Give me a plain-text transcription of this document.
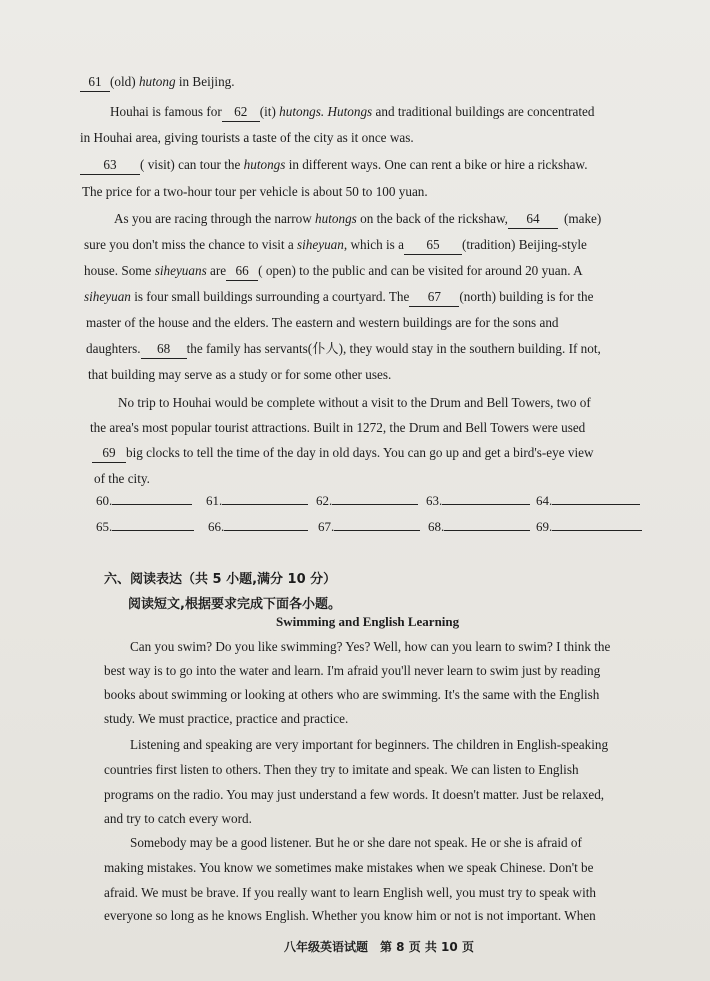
61 (old) hutong in Beijing.
Houhai is famous for 62 (it) hutongs. Hutongs and traditional buildings are concentrated
in Houhai area, giving tourists a taste of the city as it once was.
63 ( visit) can tour the hutongs in different ways. One can rent a bike or hire a rickshaw.
The price for a two-hour tour per vehicle is about 50 to 100 yuan.
As you are racing through the narrow hutongs on the back of the rickshaw, 64 (make)
sure you don't miss the chance to visit a siheyuan, which is a 65 (tradition) Beijing-style
house. Some siheyuans are 66 ( open) to the public and can be visited for around 20 yuan. A
siheyuan is four small buildings surrounding a courtyard. The 67 (north) building is for the
master of the house and the elders. The eastern and western buildings are for the sons and
daughters. 68 the family has servants(仆人), they would stay in the southern building. If not,
that building may serve as a study or for some other uses.
No trip to Houhai would be complete without a visit to the Drum and Bell Towers, two of
the area's most popular tourist attractions. Built in 1272, the Drum and Bell Towers were used
69 big clocks to tell the time of the day in old days. You can go up and get a bird's-eye view
of the city.
60.	61.	62.	63.	64.
65.	66.	67.	68.	69.
六、阅读表达（共 5 小题,满分 10 分）
阅读短文,根据要求完成下面各小题。
Swimming and English Learning
Can you swim? Do you like swimming? Yes? Well, how can you learn to swim? I think the
best way is to go into the water and learn. I'm afraid you'll never learn to swim just by reading
books about swimming or looking at others who are swimming. It's the same with the English
study. We must practice, practice and practice.
Listening and speaking are very important for beginners. The children in English-speaking
countries first listen to others. Then they try to imitate and speak. We can listen to English
programs on the radio. You may just understand a few words. It doesn't matter. Just be relaxed,
and try to catch every word.
Somebody may be a good listener. But he or she dare not speak. He or she is afraid of
making mistakes. You know we sometimes make mistakes when we speak Chinese. Don't be
afraid. We must be brave. If you really want to learn English well, you must try to speak with
everyone so long as he knows English. Whether you know him or not is not important. When
八年级英语试题　第 8 页 共 10 页
